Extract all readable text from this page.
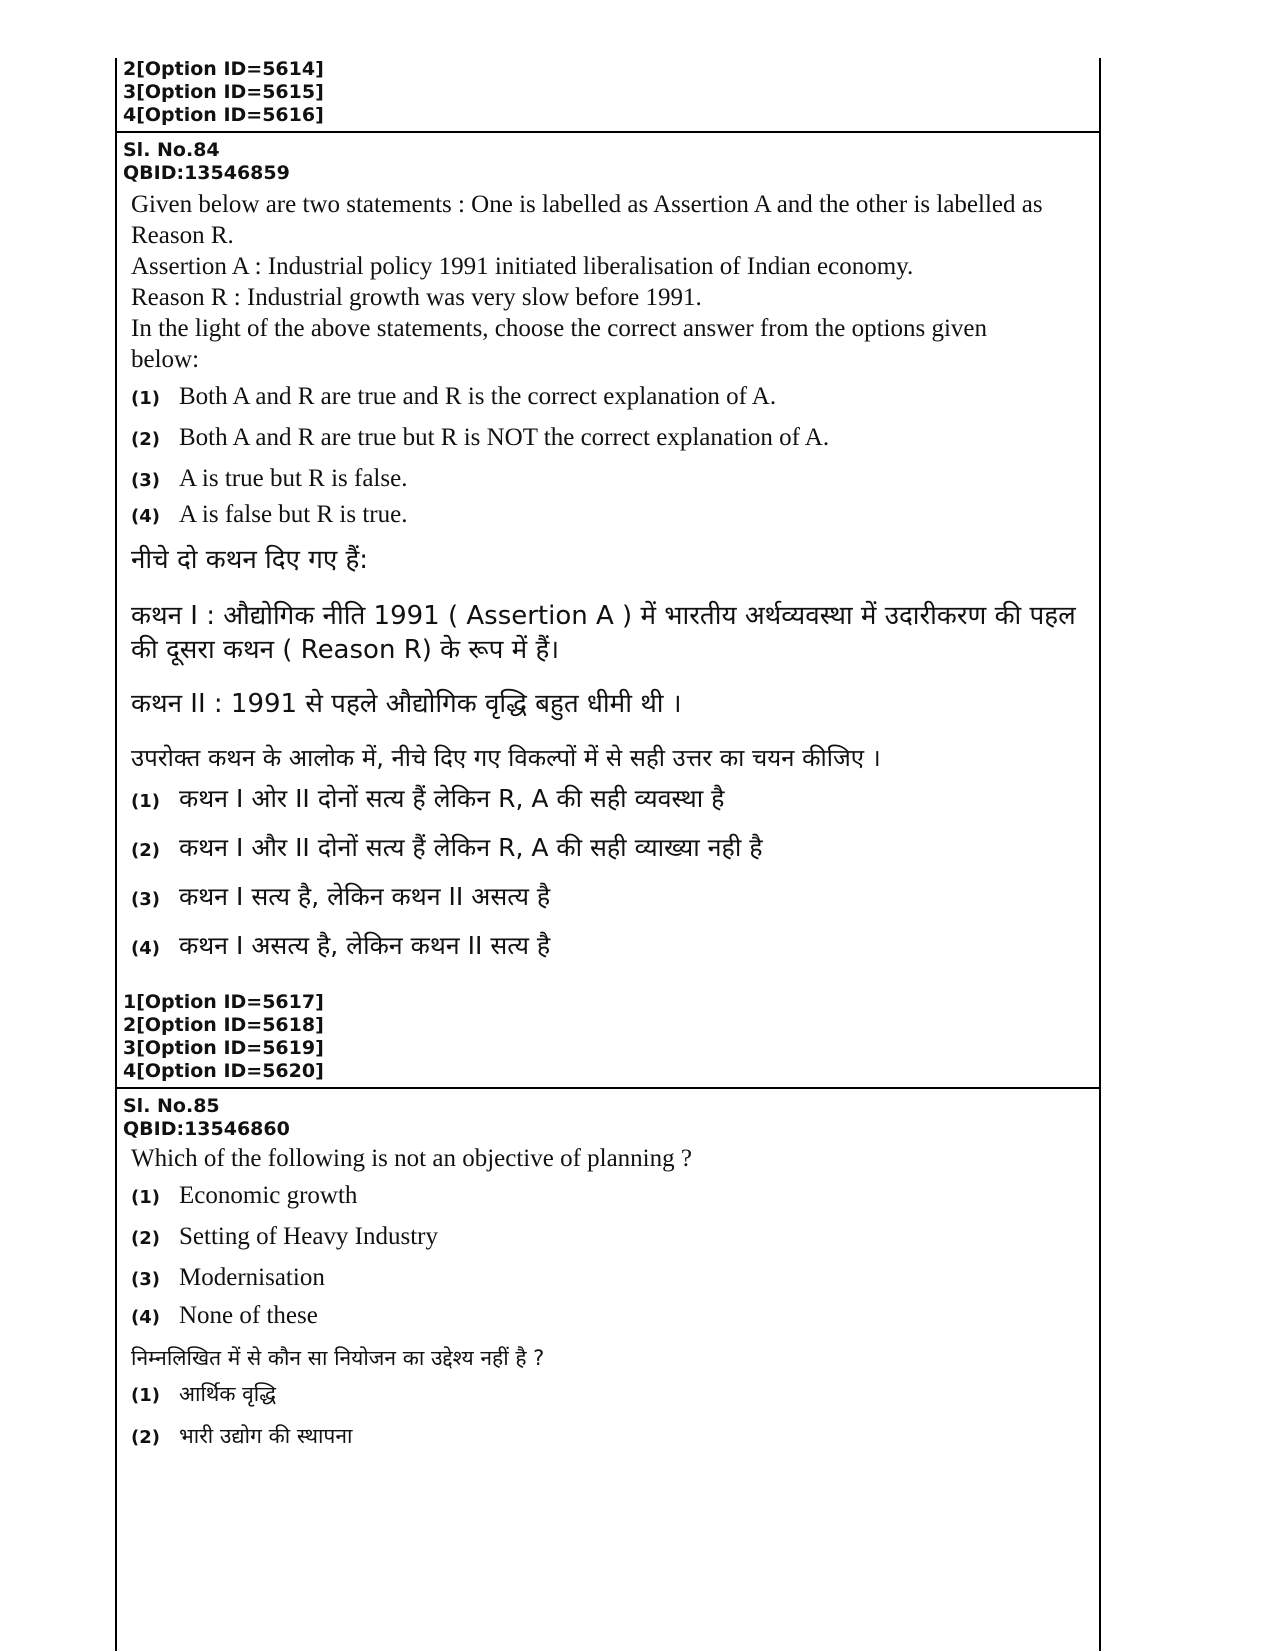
2[Option ID=5614]
3[Option ID=5615]
4[Option ID=5616]
Sl. No.84
QBID:13546859
Given below are two statements : One is labelled as Assertion A and the other is labelled as Reason R.
Assertion A : Industrial policy 1991 initiated liberalisation of Indian economy.
Reason R : Industrial growth was very slow before 1991.
In the light of the above statements, choose the correct answer from the options given below:
(1) Both A and R are true and R is the correct explanation of A.
(2) Both A and R are true but R is NOT the correct explanation of A.
(3) A is true but R is false.
(4) A is false but R is true.
नीचे दो कथन दिए गए हैं:
कथन I : औद्योगिक नीति 1991 ( Assertion A ) में भारतीय अर्थव्यवस्था में उदारीकरण की पहल की दूसरा कथन ( Reason R) के रूप में हैं।
कथन II : 1991 से पहले औद्योगिक वृद्धि बहुत धीमी थी ।
उपरोक्त कथन के आलोक में, नीचे दिए गए विकल्पों में से सही उत्तर का चयन कीजिए ।
(1) कथन I ओर II दोनों सत्य हैं लेकिन R, A की सही व्यवस्था है
(2) कथन I और II दोनों सत्य हैं लेकिन R, A की सही व्याख्या नही है
(3) कथन I सत्य है, लेकिन कथन II असत्य है
(4) कथन I असत्य है, लेकिन कथन II सत्य है
1[Option ID=5617]
2[Option ID=5618]
3[Option ID=5619]
4[Option ID=5620]
Sl. No.85
QBID:13546860
Which of the following is not an objective of planning ?
(1) Economic growth
(2) Setting of Heavy Industry
(3) Modernisation
(4) None of these
निम्नलिखित में से कौन सा नियोजन का उद्देश्य नहीं है ?
(1) आर्थिक वृद्धि
(2) भारी उद्योग की स्थापना
